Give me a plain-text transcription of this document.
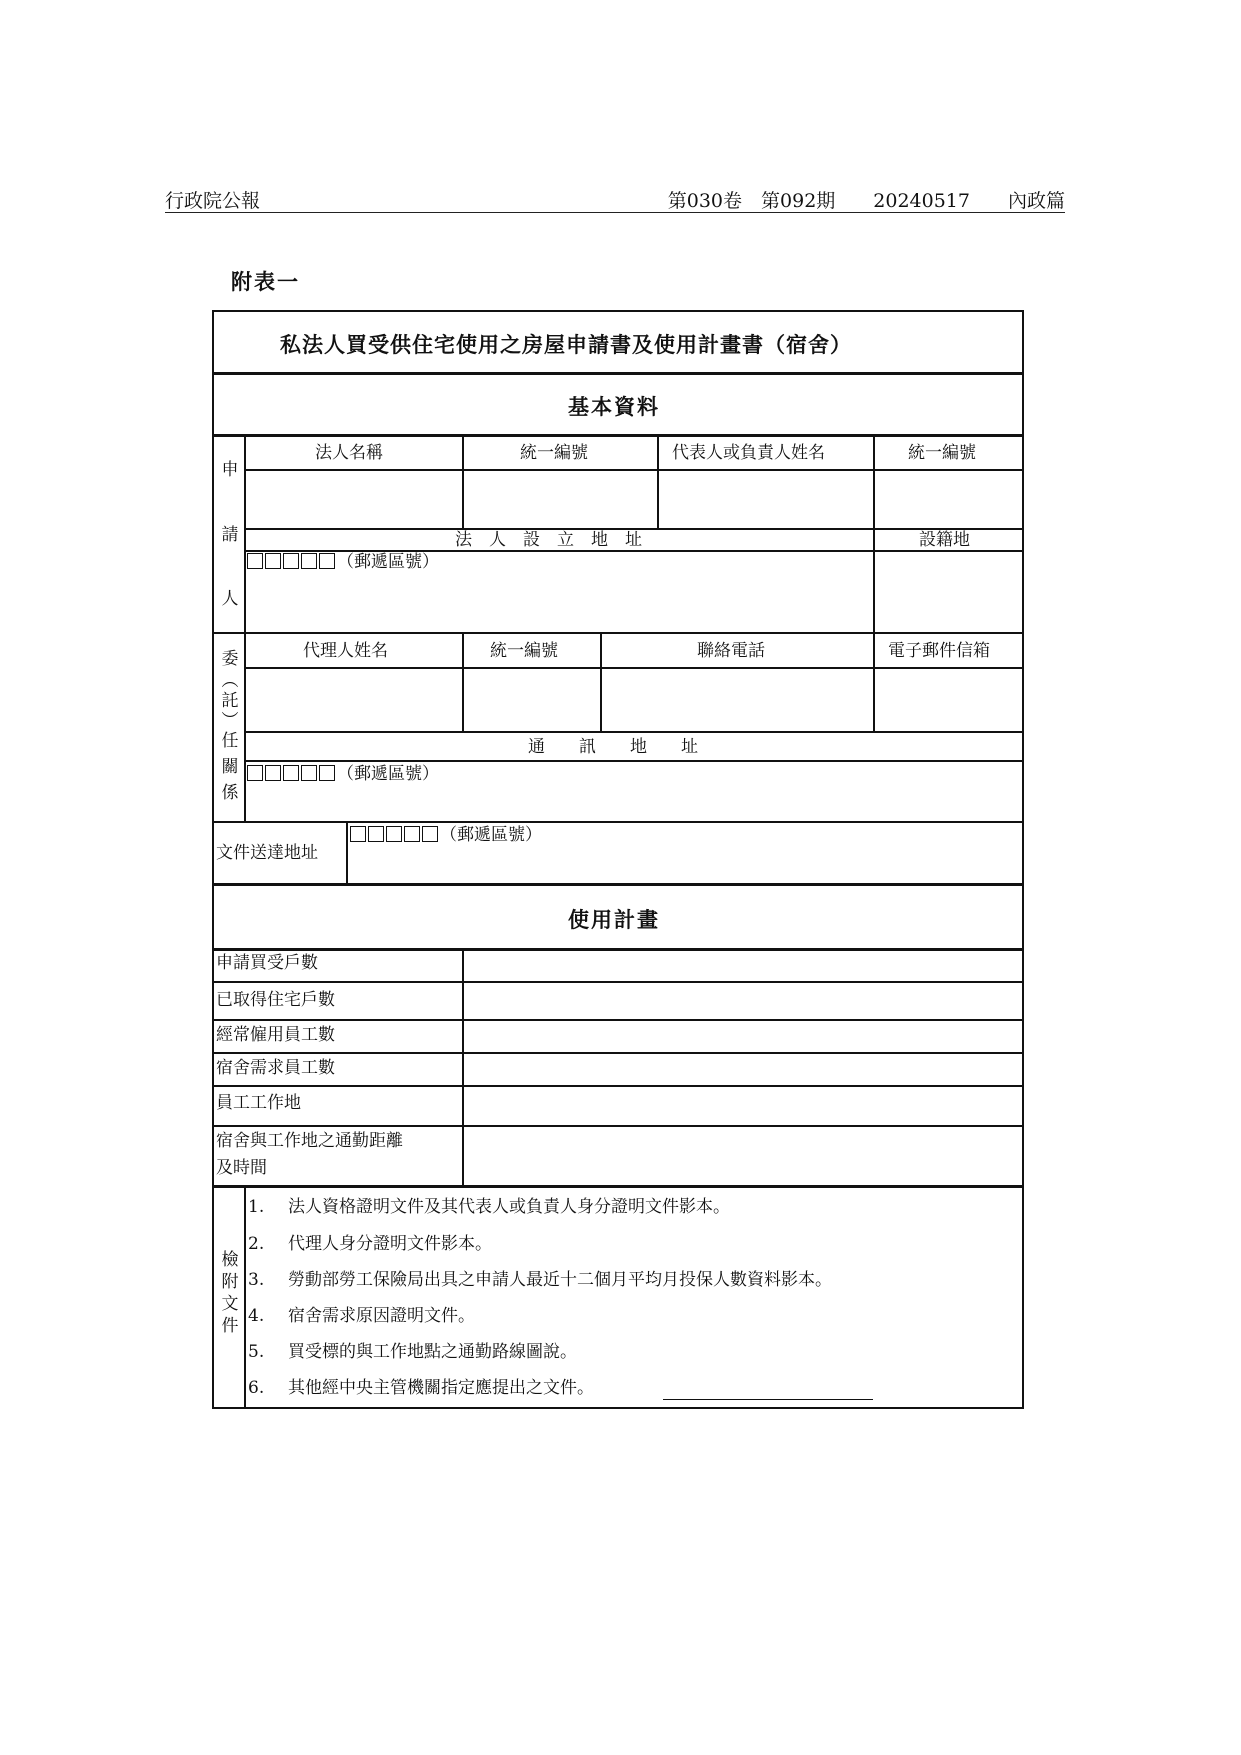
行政院公報	第030卷　第092期　　20240517　　內政篇
附表一
私法人買受供住宅使用之房屋申請書及使用計畫書（宿舍）
基本資料
申
請
人
法人名稱	統一編號	代表人或負責人姓名	統一編號
法　人　設　立　地　址	設籍地
（郵遞區號）
委
︵
託
︶
任
關
係
代理人姓名	統一編號	聯絡電話	電子郵件信箱
通　　訊　　地　　址
（郵遞區號）
文件送達地址
（郵遞區號）
使用計畫
申請買受戶數
已取得住宅戶數
經常僱用員工數
宿舍需求員工數
員工工作地
宿舍與工作地之通勤距離
及時間
檢
附
文
件
1. 法人資格證明文件及其代表人或負責人身分證明文件影本。
2. 代理人身分證明文件影本。
3. 勞動部勞工保險局出具之申請人最近十二個月平均月投保人數資料影本。
4. 宿舍需求原因證明文件。
5. 買受標的與工作地點之通勤路線圖說。
6. 其他經中央主管機關指定應提出之文件。
